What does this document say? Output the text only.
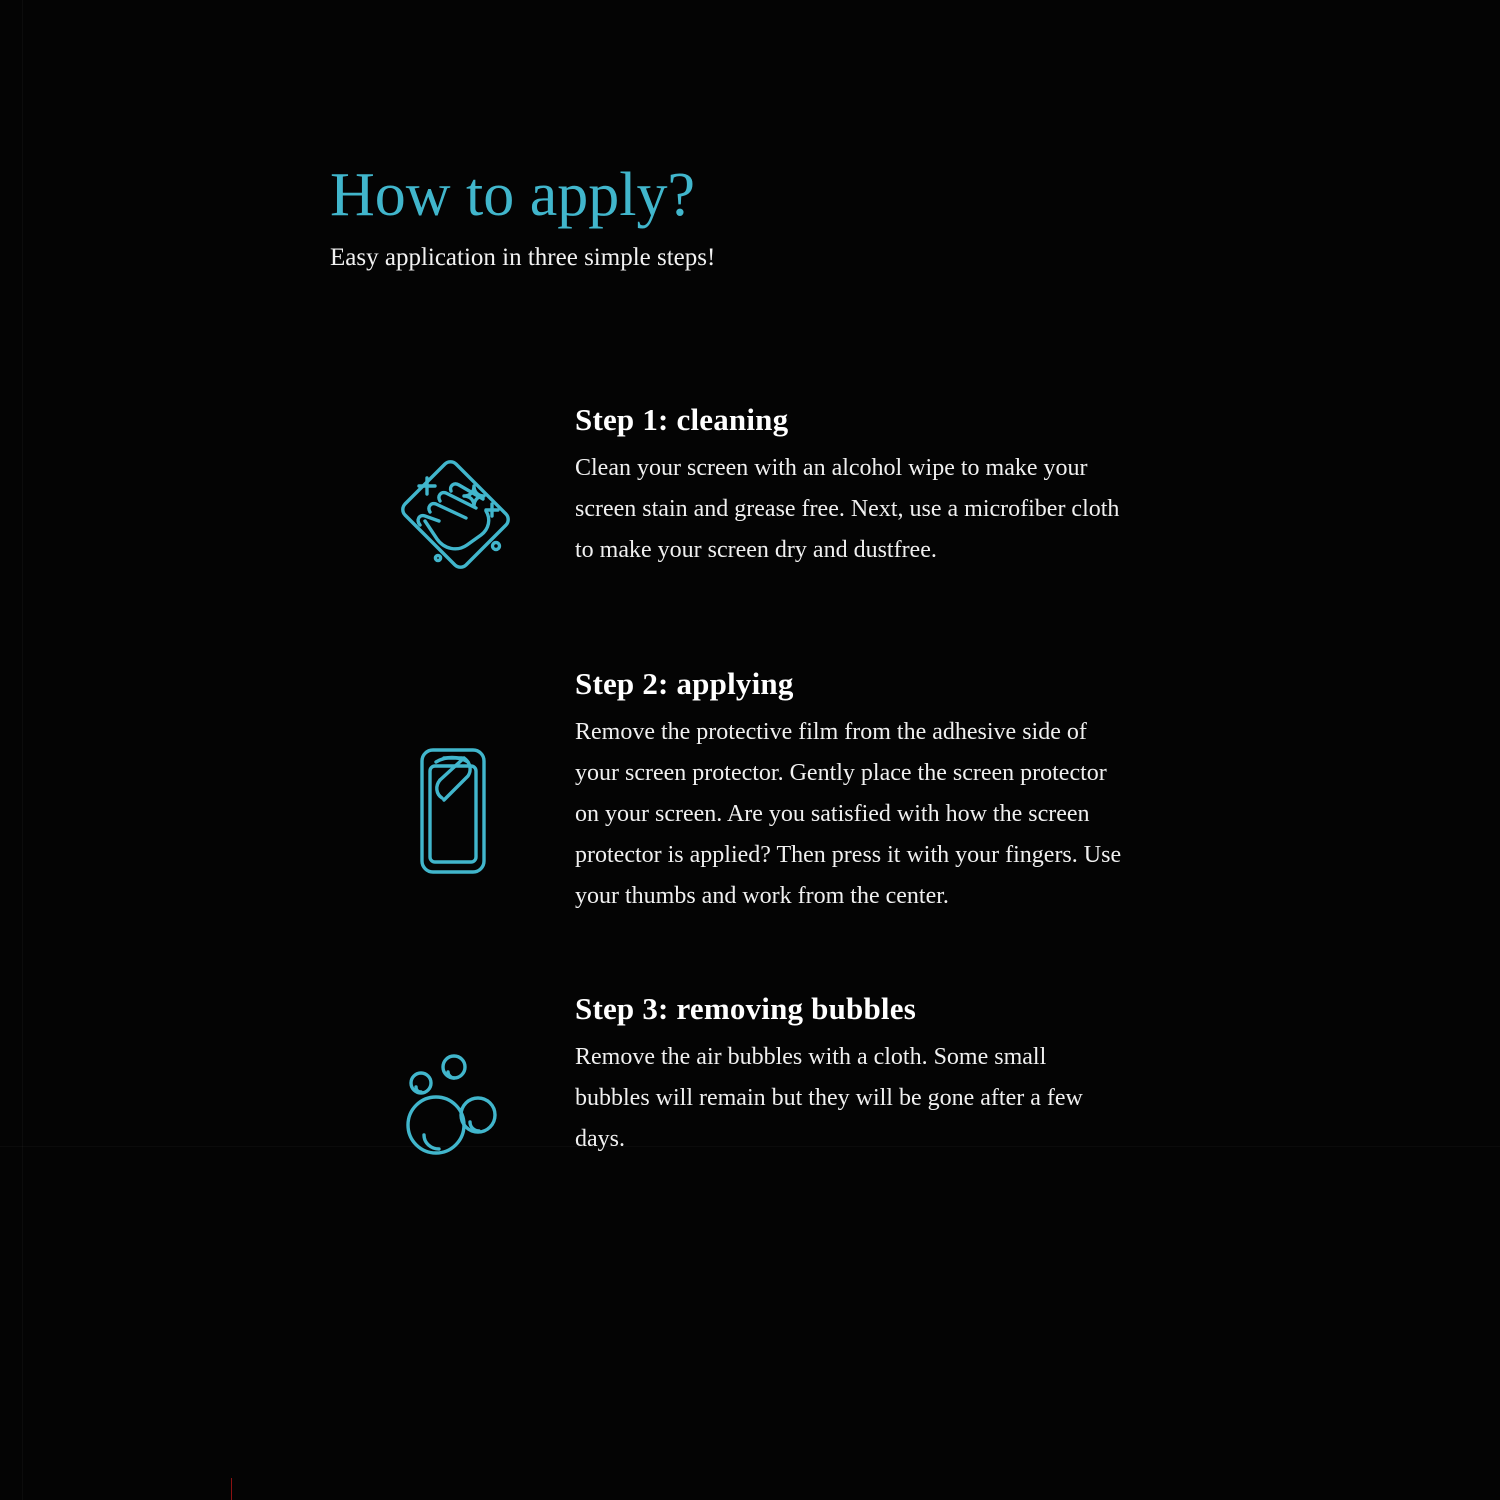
How to apply?

Easy application in three simple steps!

Step 1: cleaning

Clean your screen with an alcohol wipe to make your screen stain and grease free. Next, use a microfiber cloth to make your screen dry and dustfree.

Step 2: applying

Remove the protective film from the adhesive side of your screen protector. Gently place the screen protector on your screen. Are you satisfied with how the screen protector is applied? Then press it with your fingers. Use your thumbs and work from the center.

Step 3: removing bubbles

Remove the air bubbles with a cloth. Some small bubbles will remain but they will be gone after a few days.
